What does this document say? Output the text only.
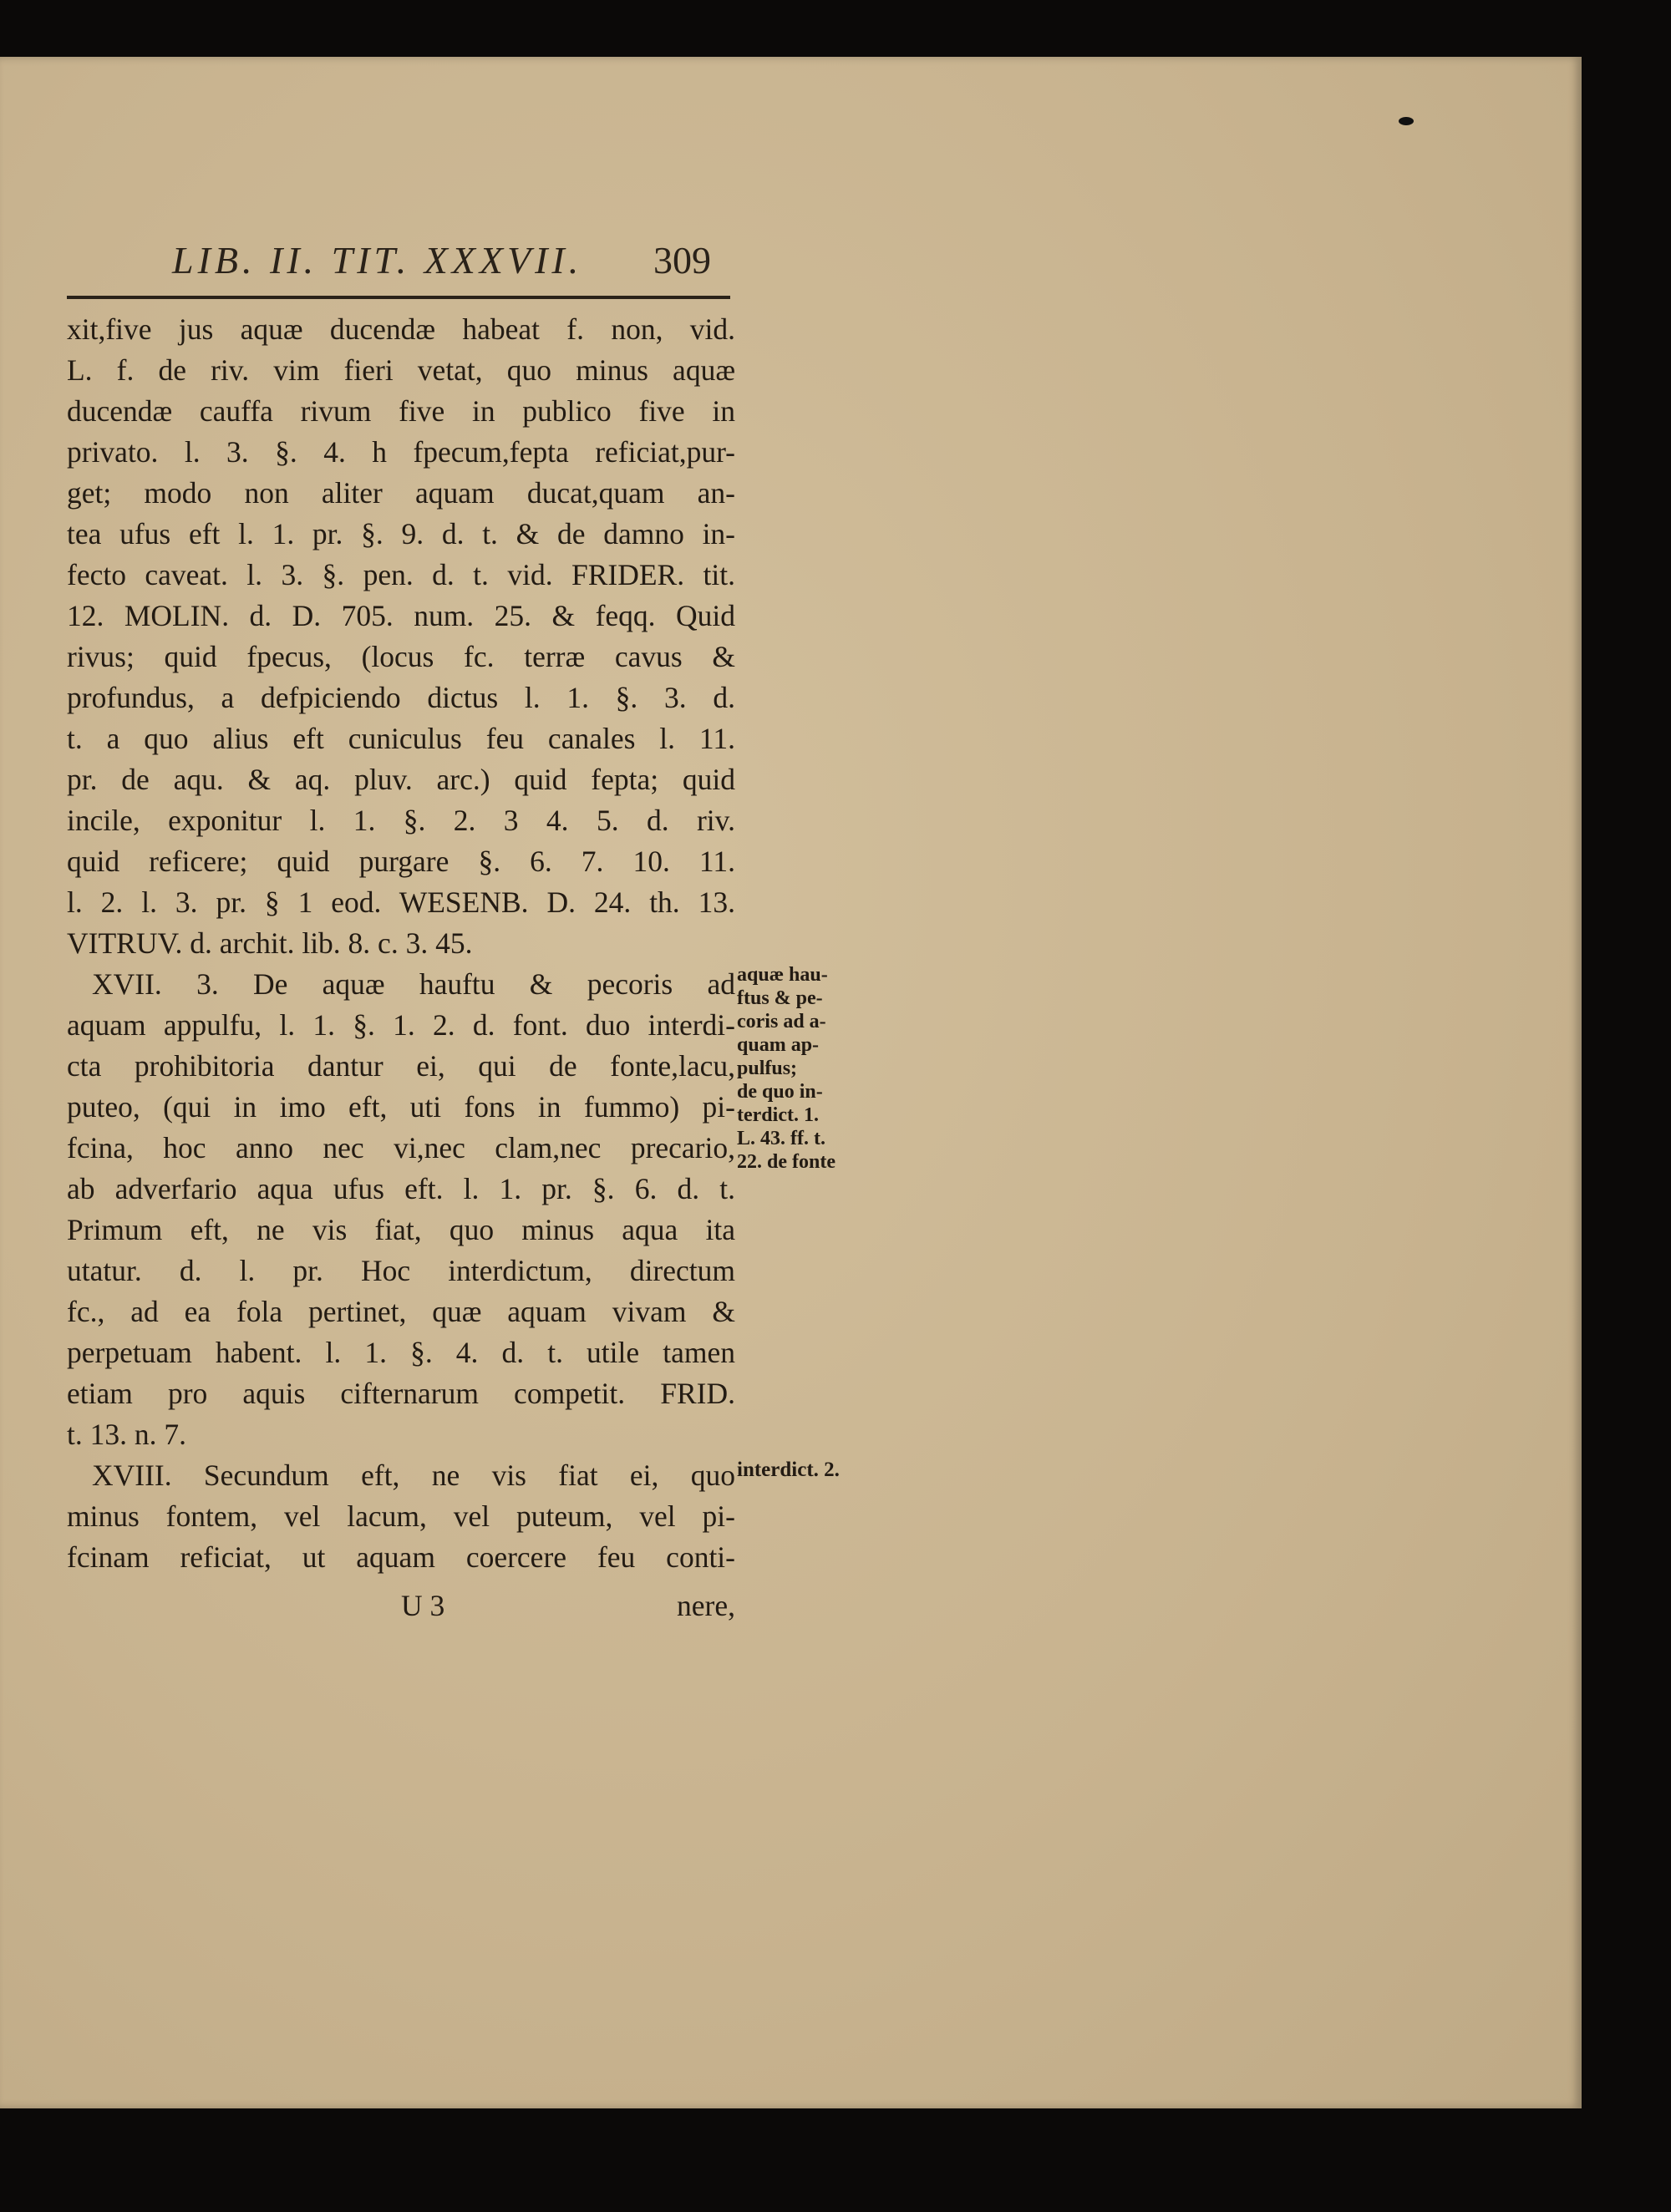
LIB. II. TIT. XXXVII. 309
xit,five jus aquæ ducendæ habeat f. non, vid.
L. f. de riv. vim fieri vetat, quo minus aquæ
ducendæ cauffa rivum five in publico five in
privato. l. 3. §. 4. h fpecum,fepta reficiat,pur-
get; modo non aliter aquam ducat,quam an-
tea ufus eft l. 1. pr. §. 9. d. t. & de damno in-
fecto caveat. l. 3. §. pen. d. t. vid. FRIDER. tit.
12. MOLIN. d. D. 705. num. 25. & feqq. Quid
rivus; quid fpecus, (locus fc. terræ cavus &
profundus, a defpiciendo dictus l. 1. §. 3. d.
t. a quo alius eft cuniculus feu canales l. 11.
pr. de aqu. & aq. pluv. arc.) quid fepta; quid
incile, exponitur l. 1. §. 2. 3 4. 5. d. riv.
quid reficere; quid purgare §. 6. 7. 10. 11.
l. 2. l. 3. pr. § 1 eod. WESENB. D. 24. th. 13.
VITRUV. d. archit. lib. 8. c. 3. 45.
XVII. 3. De aquæ hauftu & pecoris ad
aquam appulfu, l. 1. §. 1. 2. d. font. duo interdi-
cta prohibitoria dantur ei, qui de fonte,lacu,
puteo, (qui in imo eft, uti fons in fummo) pi-
fcina, hoc anno nec vi,nec clam,nec precario,
ab adverfario aqua ufus eft. l. 1. pr. §. 6. d. t.
Primum eft, ne vis fiat, quo minus aqua ita
utatur. d. l. pr. Hoc interdictum, directum
fc., ad ea fola pertinet, quæ aquam vivam &
perpetuam habent. l. 1. §. 4. d. t. utile tamen
etiam pro aquis cifternarum competit. FRID.
t. 13. n. 7.
XVIII. Secundum eft, ne vis fiat ei, quo
minus fontem, vel lacum, vel puteum, vel pi-
fcinam reficiat, ut aquam coercere feu conti-
aquæ hau-
ftus & pe-
coris ad a-
quam ap-
pulfus;
de quo in-
terdict. 1.
L. 43. ff. t.
22. de fonte
interdict. 2.
U 3	nere,
